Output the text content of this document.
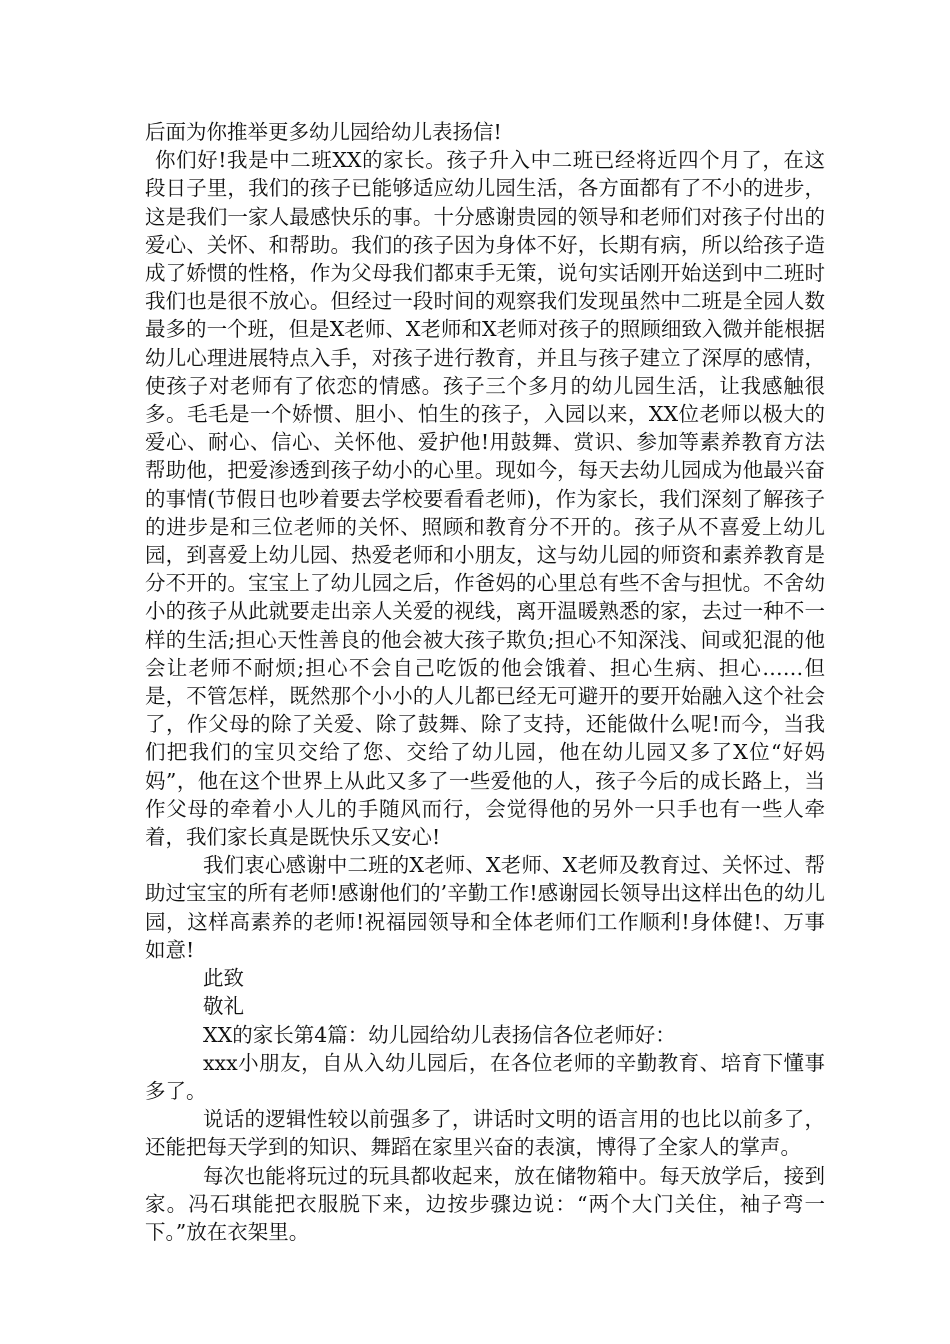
后面为你推举更多幼儿园给幼儿表扬信!

你们好!我是中二班XX的家长。孩子升入中二班已经将近四个月了，在这段日子里，我们的孩子已能够适应幼儿园生活，各方面都有了不小的进步，这是我们一家人最感快乐的事。十分感谢贵园的领导和老师们对孩子付出的爱心、关怀、和帮助。我们的孩子因为身体不好，长期有病，所以给孩子造成了娇惯的性格，作为父母我们都束手无策，说句实话刚开始送到中二班时我们也是很不放心。但经过一段时间的观察我们发现虽然中二班是全园人数最多的一个班，但是X老师、X老师和X老师对孩子的照顾细致入微并能根据幼儿心理进展特点入手，对孩子进行教育，并且与孩子建立了深厚的感情，使孩子对老师有了依恋的情感。孩子三个多月的幼儿园生活，让我感触很多。毛毛是一个娇惯、胆小、怕生的孩子，入园以来，XX位老师以极大的爱心、耐心、信心、关怀他、爱护他!用鼓舞、赏识、参加等素养教育方法帮助他，把爱渗透到孩子幼小的心里。现如今，每天去幼儿园成为他最兴奋的事情(节假日也吵着要去学校要看看老师)，作为家长，我们深刻了解孩子的进步是和三位老师的关怀、照顾和教育分不开的。孩子从不喜爱上幼儿园，到喜爱上幼儿园、热爱老师和小朋友，这与幼儿园的师资和素养教育是分不开的。宝宝上了幼儿园之后，作爸妈的心里总有些不舍与担忧。不舍幼小的孩子从此就要走出亲人关爱的视线，离开温暖熟悉的家，去过一种不一样的生活;担心天性善良的他会被大孩子欺负;担心不知深浅、间或犯混的他会让老师不耐烦;担心不会自己吃饭的他会饿着、担心生病、担心……但是，不管怎样，既然那个小小的人儿都已经无可避开的要开始融入这个社会了，作父母的除了关爱、除了鼓舞、除了支持，还能做什么呢!而今，当我们把我们的宝贝交给了您、交给了幼儿园，他在幼儿园又多了X位“好妈妈”，他在这个世界上从此又多了一些爱他的人，孩子今后的成长路上，当作父母的牵着小人儿的手随风而行，会觉得他的另外一只手也有一些人牵着，我们家长真是既快乐又安心!

我们衷心感谢中二班的X老师、X老师、X老师及教育过、关怀过、帮助过宝宝的所有老师!感谢他们的’辛勤工作!感谢园长领导出这样出色的幼儿园，这样高素养的老师!祝福园领导和全体老师们工作顺利!身体健!、万事如意!

此致

敬礼

XX的家长第4篇：幼儿园给幼儿表扬信各位老师好：

xxx小朋友，自从入幼儿园后，在各位老师的辛勤教育、培育下懂事多了。

说话的逻辑性较以前强多了，讲话时文明的语言用的也比以前多了，还能把每天学到的知识、舞蹈在家里兴奋的表演，博得了全家人的掌声。

每次也能将玩过的玩具都收起来，放在储物箱中。每天放学后，接到家。冯石琪能把衣服脱下来，边按步骤边说：“两个大门关住，袖子弯一下。”放在衣架里。
